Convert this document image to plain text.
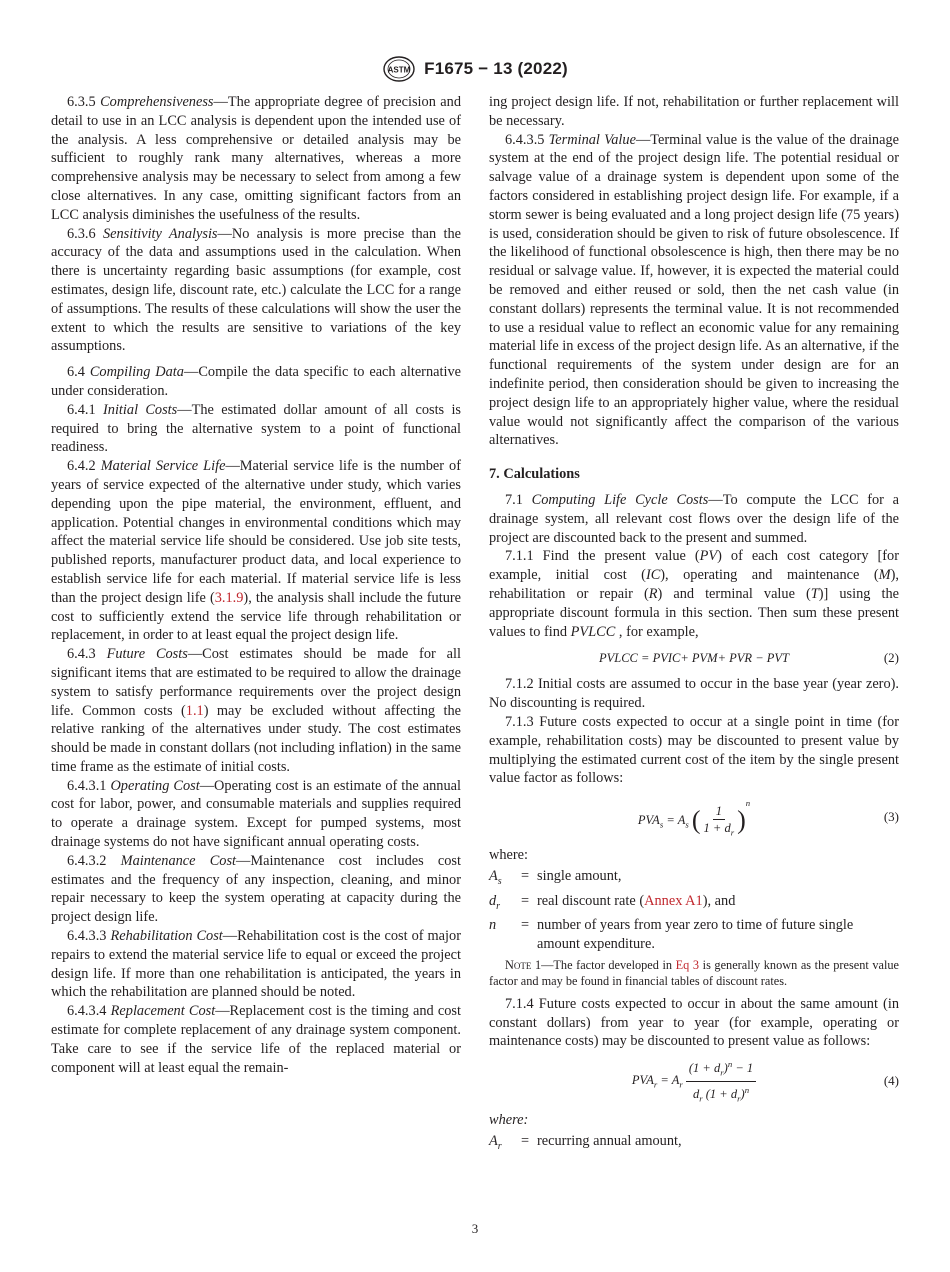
ASTM F1675 − 13 (2022)

6.3.5 Comprehensiveness—The appropriate degree of precision and detail to use in an LCC analysis is dependent upon the intended use of the analysis. A less comprehensive or detailed analysis may be sufficient to roughly rank many alternatives, whereas a more comprehensive analysis may be necessary to select from among a few close alternatives. In any case, omitting significant factors from an LCC analysis diminishes the usefulness of the results.

6.3.6 Sensitivity Analysis—No analysis is more precise than the accuracy of the data and assumptions used in the calculation. When there is uncertainty regarding basic assumptions (for example, cost estimates, design life, discount rate, etc.) calculate the LCC for a range of assumptions. The results of these calculations will show the user the extent to which the results are sensitive to variations of the key assumptions.

6.4 Compiling Data—Compile the data specific to each alternative under consideration.

6.4.1 Initial Costs—The estimated dollar amount of all costs is required to bring the alternative system to a point of functional readiness.

6.4.2 Material Service Life—Material service life is the number of years of service expected of the alternative under study, which varies depending upon the pipe material, the environment, effluent, and application. Potential changes in environmental conditions which may affect the material service life should be considered. Use job site tests, published reports, manufacturer product data, and local experience to establish service life for each material. If material service life is less than the project design life (3.1.9), the analysis shall include the future cost to sufficiently extend the service life through rehabilitation or replacement, in order to at least equal the project design life.

6.4.3 Future Costs—Cost estimates should be made for all significant items that are estimated to be required to allow the drainage system to satisfy performance requirements over the project design life. Common costs (1.1) may be excluded without affecting the relative ranking of the alternatives under study. The cost estimates should be made in constant dollars (not including inflation) in the same time frame as the estimate of initial costs.

6.4.3.1 Operating Cost—Operating cost is an estimate of the annual cost for labor, power, and consumable materials and supplies required to operate a drainage system. Except for pumped systems, most drainage systems do not have significant annual operating costs.

6.4.3.2 Maintenance Cost—Maintenance cost includes cost estimates and the frequency of any inspection, cleaning, and minor repair necessary to keep the system operating at capacity during the project design life.

6.4.3.3 Rehabilitation Cost—Rehabilitation cost is the cost of major repairs to extend the material service life to equal or exceed the project design life. If more than one rehabilitation is anticipated, the years in which the rehabilitation are planned should be noted.

6.4.3.4 Replacement Cost—Replacement cost is the timing and cost estimate for complete replacement of any drainage system component. Take care to see if the service life of the replaced material or component will at least equal the remain-

ing project design life. If not, rehabilitation or further replacement will be necessary.

6.4.3.5 Terminal Value—Terminal value is the value of the drainage system at the end of the project design life. The potential residual or salvage value of a drainage system is dependent upon some of the factors considered in establishing project design life. For example, if a storm sewer is being evaluated and a long project design life (75 years) is used, consideration should be given to risk of future obsolescence. If the likelihood of functional obsolescence is high, then there may be no residual or salvage value. If, however, it is expected the material could be removed and either reused or sold, then the net cash value (in constant dollars) represents the terminal value. It is not recommended to use a residual value to reflect an economic value for any remaining material life in excess of the project design life. As an alternative, if the functional requirements of the system under design are for an indefinite period, then consideration should be given to increasing the project design life to an appropriately higher value, where the residual value would not significantly affect the comparison of the various alternatives.

7. Calculations

7.1 Computing Life Cycle Costs—To compute the LCC for a drainage system, all relevant cost flows over the design life of the project are discounted back to the present and summed.

7.1.1 Find the present value (PV) of each cost category [for example, initial cost (IC), operating and maintenance (M), rehabilitation or repair (R) and terminal value (T)] using the appropriate discount formula in this section. Then sum these present values to find PVLCC , for example,

PVLCC = PVIC+ PVM+ PVR − PVT	(2)

7.1.2 Initial costs are assumed to occur in the base year (year zero). No discounting is required.

7.1.3 Future costs expected to occur at a single point in time (for example, rehabilitation costs) may be discounted to present value by multiplying the estimated current cost of the item by the single present value factor as follows:

$PVA_s = A_s$ ( $\frac{1}{1 + d_r} )^n$
(3)

where:

$A_s$	= single amount,
$d_r$	= real discount rate (Annex A1), and
n	= number of years from year zero to time of future single amount expenditure.

Note 1—The factor developed in Eq 3 is generally known as the present value factor and may be found in financial tables of discount rates.

7.1.4 Future costs expected to occur in about the same amount (in constant dollars) from year to year (for example, operating or maintenance costs) may be discounted to present value as follows:

$PVA_r = A_r \frac{(1 + d_r)^n - 1}{d_r (1 + d_r)^n}$	(4)

where:

$A_r$	= recurring annual amount,
3
